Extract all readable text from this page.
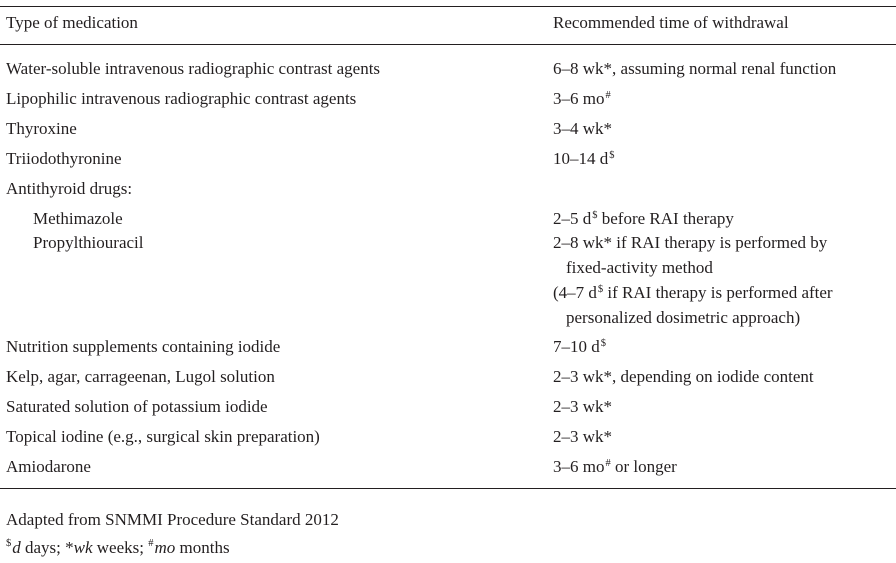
Type of medication	Recommended time of withdrawal
Water-soluble intravenous radiographic contrast agents	6–8 wk*, assuming normal renal function
Lipophilic intravenous radiographic contrast agents	3–6 mo#
Thyroxine	3–4 wk*
Triiodothyronine	10–14 d$
Antithyroid drugs:
Methimazole	2–5 d$ before RAI therapy
Propylthiouracil	2–8 wk* if RAI therapy is performed by
fixed-activity method
(4–7 d$ if RAI therapy is performed after
personalized dosimetric approach)
Nutrition supplements containing iodide	7–10 d$
Kelp, agar, carrageenan, Lugol solution	2–3 wk*, depending on iodide content
Saturated solution of potassium iodide	2–3 wk*
Topical iodine (e.g., surgical skin preparation)	2–3 wk*
Amiodarone	3–6 mo# or longer
Adapted from SNMMI Procedure Standard 2012
$d days; *wk weeks; #mo months
